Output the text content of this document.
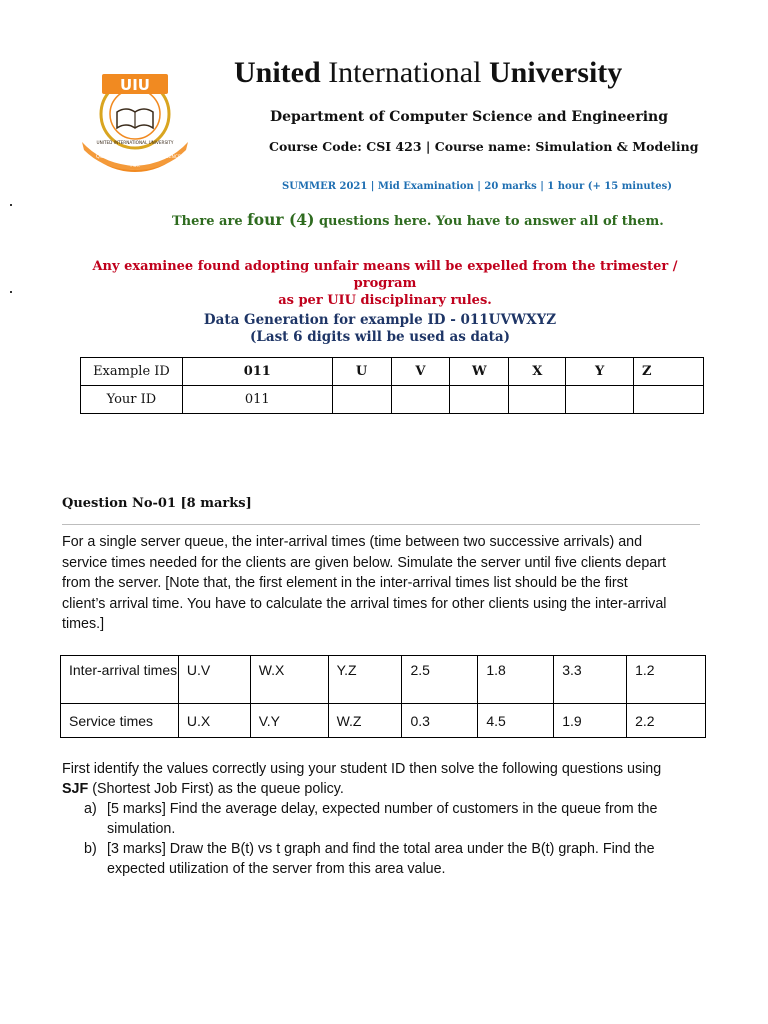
UIU
UNITED INTERNATIONAL UNIVERSITY
QUEST
FOR
EXCELLENCE
United International University
Department of Computer Science and Engineering
Course Code: CSI 423 | Course name: Simulation & Modeling
SUMMER 2021 | Mid Examination | 20 marks | 1 hour (+ 15 minutes)
There are four (4) questions here. You have to answer all of them.
Any examinee found adopting unfair means will be expelled from the trimester / program
as per UIU disciplinary rules.
Data Generation for example ID - 011UVWXYZ
(Last 6 digits will be used as data)
Example ID	011	U	V	W	X	Y	Z
Your ID	011						
Question No-01 [8 marks]
For a single server queue, the inter-arrival times (time between two successive arrivals) and
service times needed for the clients are given below. Simulate the server until five clients depart
from the server. [Note that, the first element in the inter-arrival times list should be the first
client’s arrival time. You have to calculate the arrival times for other clients using the inter-arrival
times.]
Inter-arrival times	U.V	W.X	Y.Z	2.5	1.8	3.3	1.2
Service times	U.X	V.Y	W.Z	0.3	4.5	1.9	2.2
First identify the values correctly using your student ID then solve the following questions using
SJF (Shortest Job First) as the queue policy.
a) [5 marks] Find the average delay, expected number of customers in the queue from the
simulation.
b) [3 marks] Draw the B(t) vs t graph and find the total area under the B(t) graph. Find the
expected utilization of the server from this area value.
